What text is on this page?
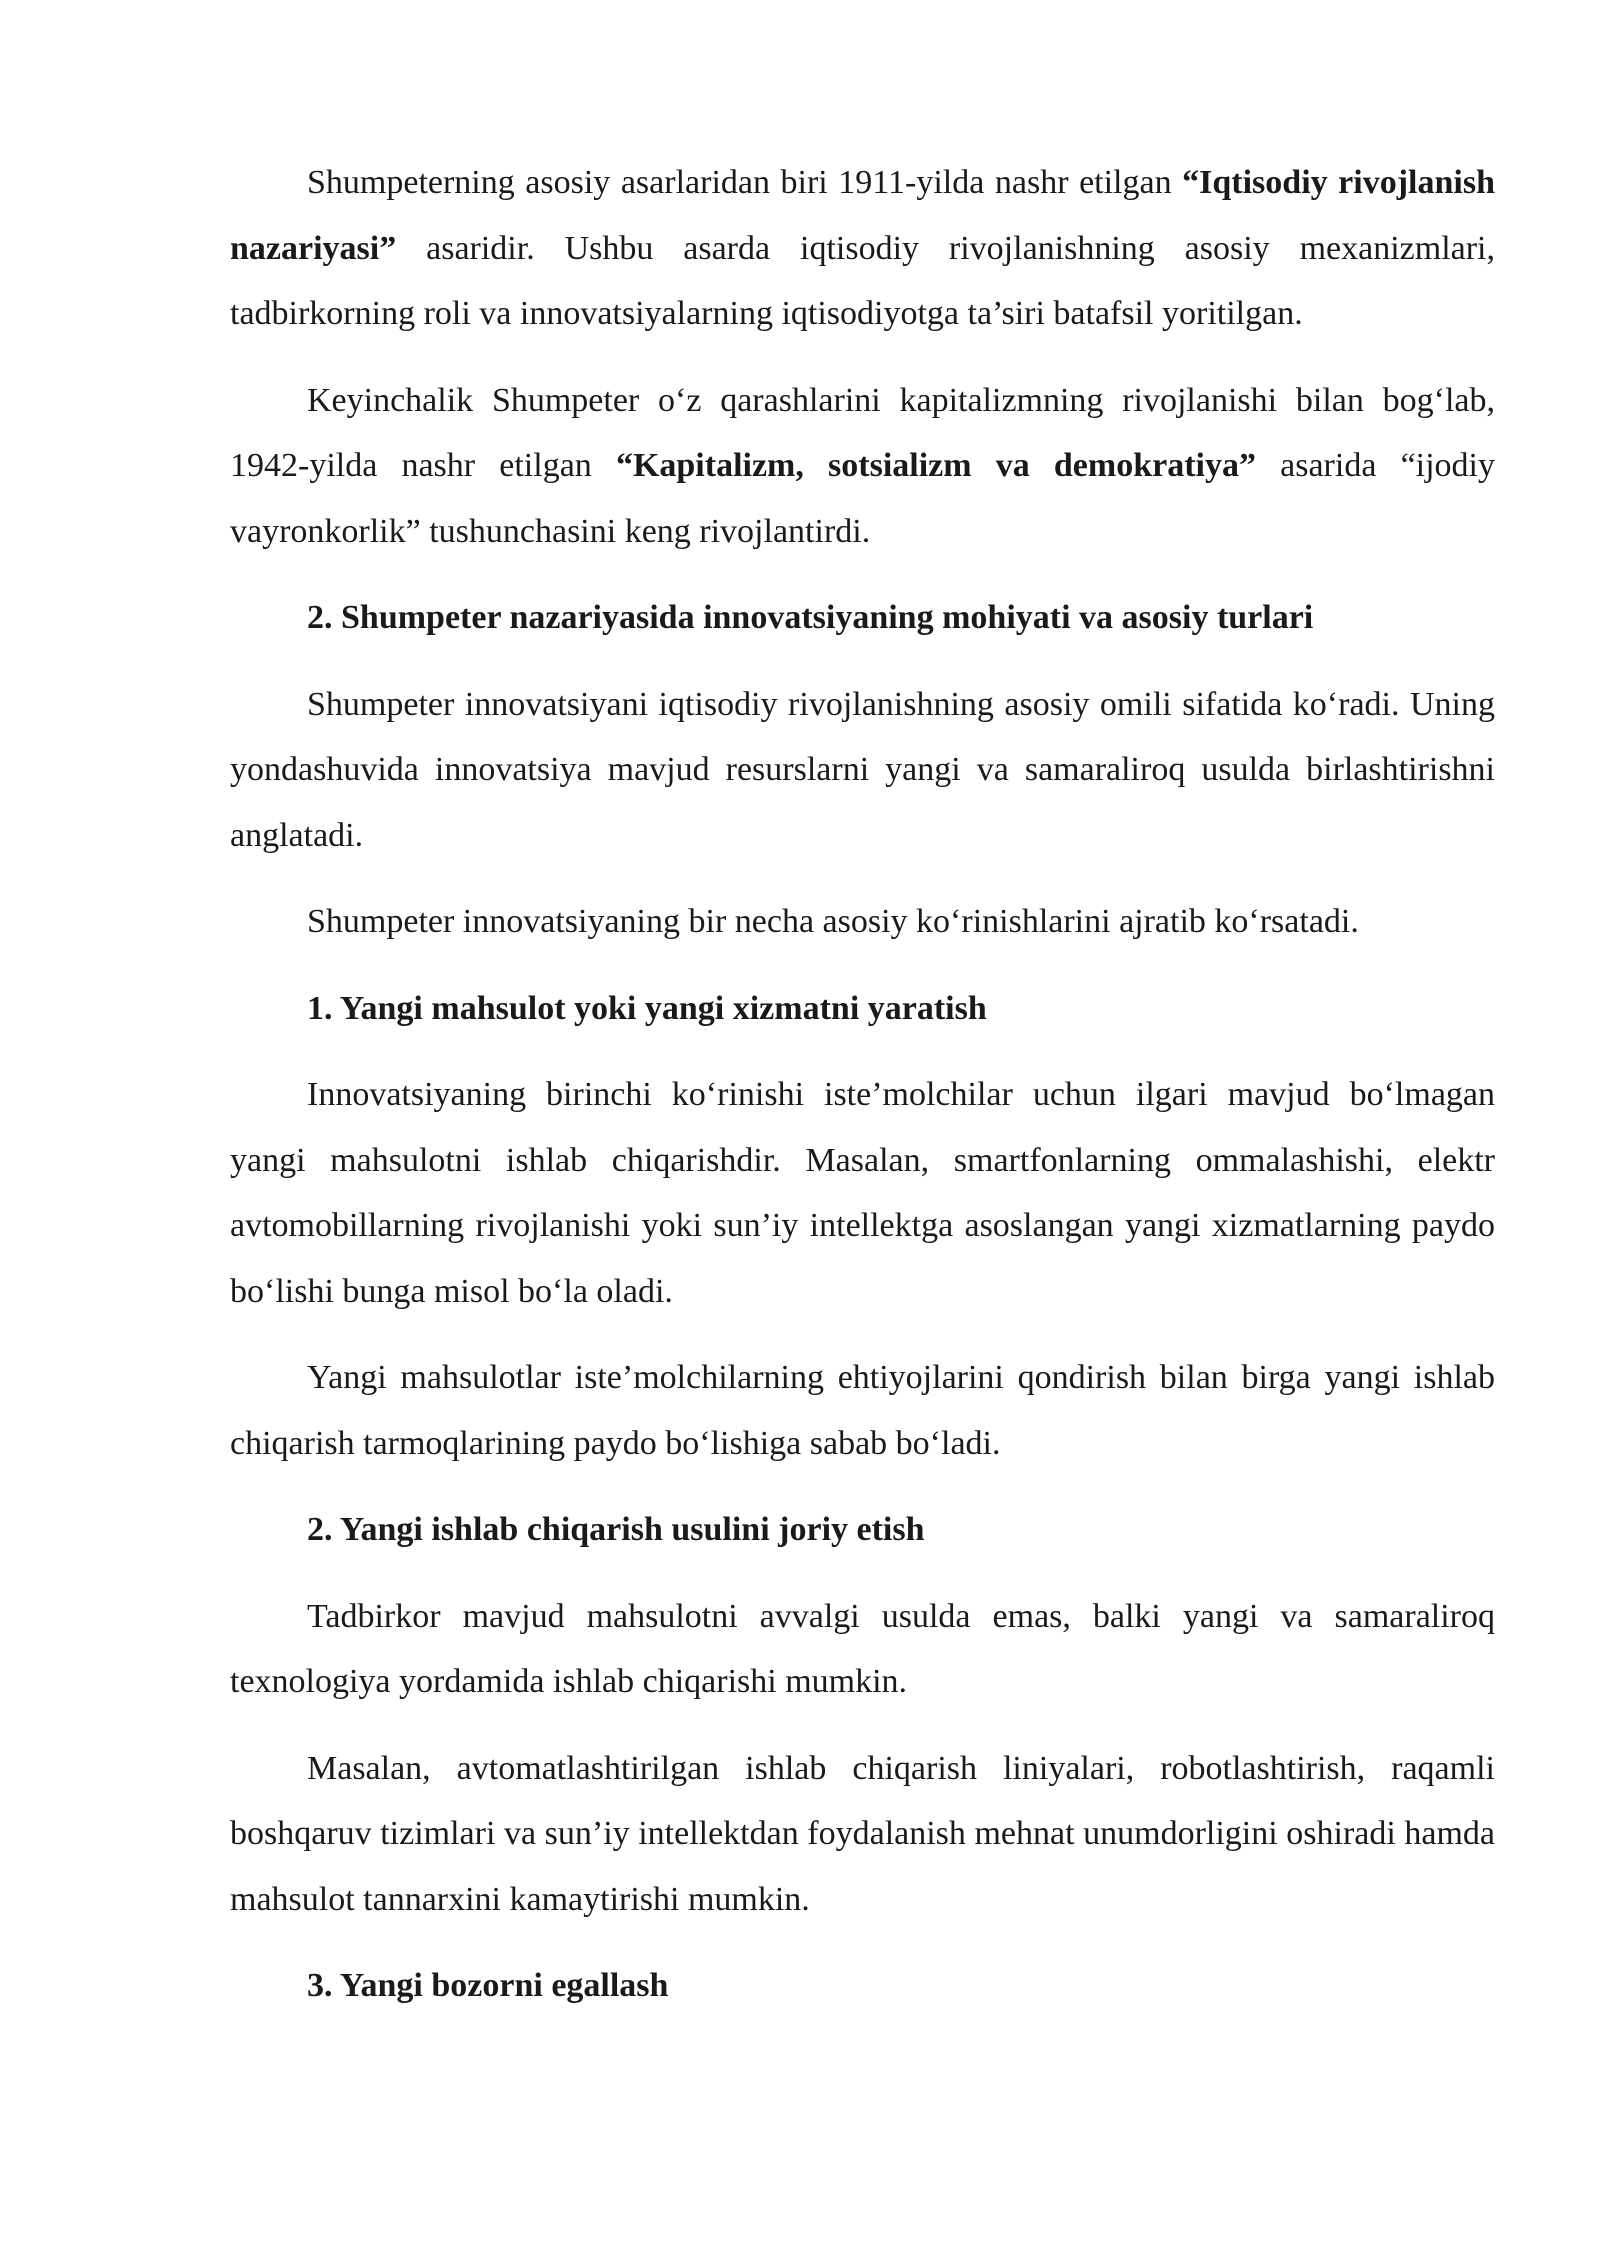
Shumpeterning asosiy asarlaridan biri 1911-yilda nashr etilgan “Iqtisodiy rivojlanish nazariyasi” asaridir. Ushbu asarda iqtisodiy rivojlanishning asosiy mexanizmlari, tadbirkorning roli va innovatsiyalarning iqtisodiyotga ta’siri batafsil yoritilgan.

Keyinchalik Shumpeter o‘z qarashlarini kapitalizmning rivojlanishi bilan bog‘lab, 1942-yilda nashr etilgan “Kapitalizm, sotsializm va demokratiya” asarida “ijodiy vayronkorlik” tushunchasini keng rivojlantirdi.

2. Shumpeter nazariyasida innovatsiyaning mohiyati va asosiy turlari

Shumpeter innovatsiyani iqtisodiy rivojlanishning asosiy omili sifatida ko‘radi. Uning yondashuvida innovatsiya mavjud resurslarni yangi va samaraliroq usulda birlashtirishni anglatadi.

Shumpeter innovatsiyaning bir necha asosiy ko‘rinishlarini ajratib ko‘rsatadi.

1. Yangi mahsulot yoki yangi xizmatni yaratish

Innovatsiyaning birinchi ko‘rinishi iste’molchilar uchun ilgari mavjud bo‘lmagan yangi mahsulotni ishlab chiqarishdir. Masalan, smartfonlarning ommalashishi, elektr avtomobillarning rivojlanishi yoki sun’iy intellektga asoslangan yangi xizmatlarning paydo bo‘lishi bunga misol bo‘la oladi.

Yangi mahsulotlar iste’molchilarning ehtiyojlarini qondirish bilan birga yangi ishlab chiqarish tarmoqlarining paydo bo‘lishiga sabab bo‘ladi.

2. Yangi ishlab chiqarish usulini joriy etish

Tadbirkor mavjud mahsulotni avvalgi usulda emas, balki yangi va samaraliroq texnologiya yordamida ishlab chiqarishi mumkin.

Masalan, avtomatlashtirilgan ishlab chiqarish liniyalari, robotlashtirish, raqamli boshqaruv tizimlari va sun’iy intellektdan foydalanish mehnat unumdorligini oshiradi hamda mahsulot tannarxini kamaytirishi mumkin.

3. Yangi bozorni egallash
